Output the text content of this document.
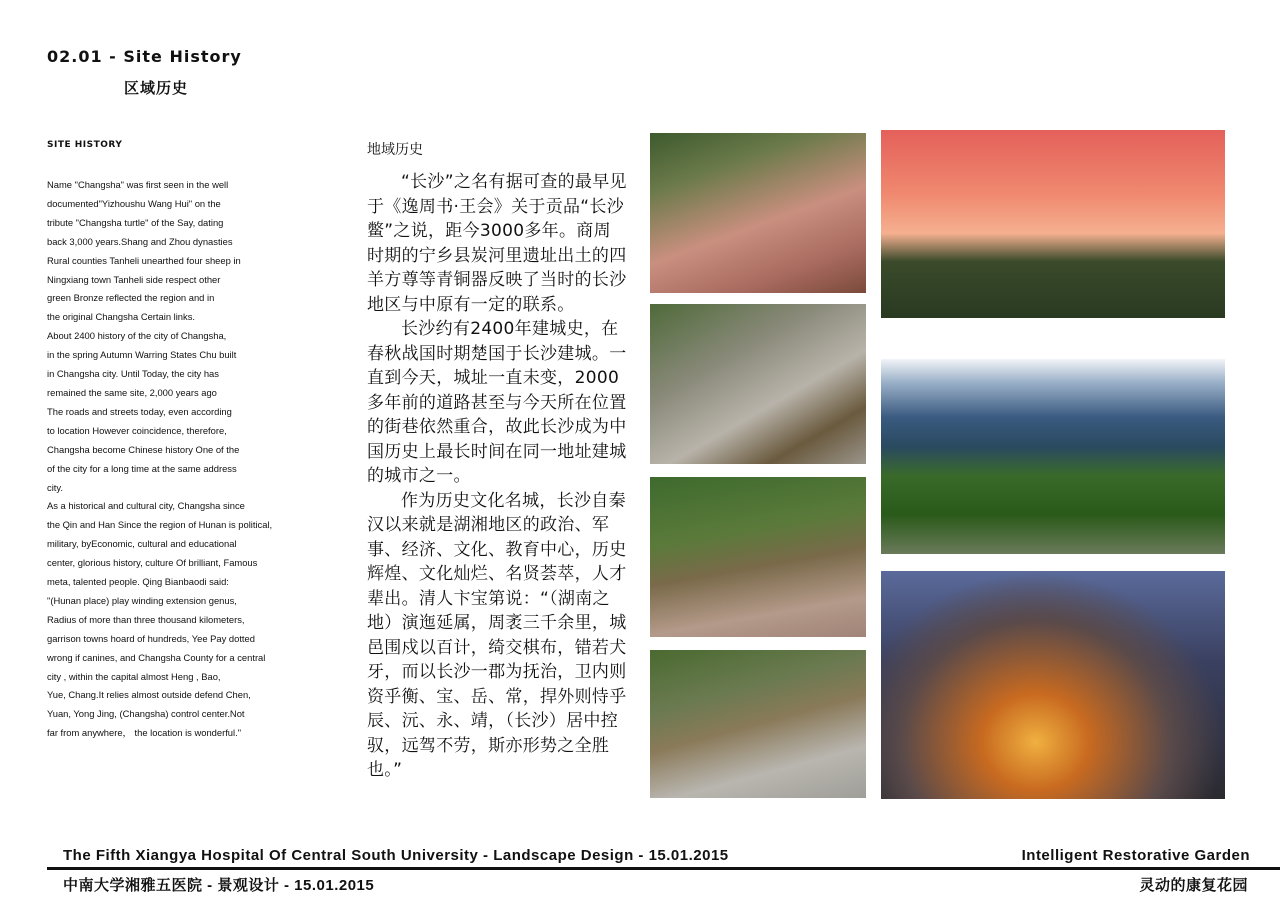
02.01 - Site History
区域历史
SITE HISTORY
Name "Changsha" was first seen in the well
documented"Yizhoushu Wang Hui" on the
tribute "Changsha turtle" of the Say, dating
back 3,000 years.Shang and Zhou dynasties
Rural counties Tanheli unearthed four sheep in
Ningxiang town Tanheli side respect other
green Bronze reflected the region and in
the original Changsha Certain links.
About 2400 history of the city of Changsha,
in the spring Autumn Warring States Chu built
in Changsha city. Until Today, the city has
remained the same site, 2,000 years ago
The roads and streets today, even according
to location However coincidence, therefore,
Changsha become Chinese history One of the
of the city for a long time at the same address
city.
As a historical and cultural city, Changsha since
the Qin and Han Since the region of Hunan is political,
military, byEconomic, cultural and educational
center, glorious history, culture Of brilliant, Famous
meta, talented people. Qing Bianbaodi said:
"(Hunan place) play winding extension genus,
Radius of more than three thousand kilometers,
garrison towns hoard of hundreds, Yee Pay dotted
wrong if canines, and Changsha County for a central
city , within the capital almost Heng , Bao,
Yue, Chang.It relies almost outside defend Chen,
Yuan, Yong Jing, (Changsha) control center.Not
far from anywhere， the location is wonderful."
地域历史

“长沙”之名有据可查的最早见于《逸周书·王会》关于贡品“长沙鳖”之说，距今3000多年。商周时期的宁乡县炭河里遗址出土的四羊方尊等青铜器反映了当时的长沙地区与中原有一定的联系。

长沙约有2400年建城史，在春秋战国时期楚国于长沙建城。一直到今天，城址一直未变，2000多年前的道路甚至与今天所在位置的街巷依然重合，故此长沙成为中国历史上最长时间在同一地址建城的城市之一。

作为历史文化名城，长沙自秦汉以来就是湖湘地区的政治、军事、经济、文化、教育中心，历史辉煌、文化灿烂、名贤荟萃，人才辈出。清人卞宝第说：“（湖南之地）演迤延属，周袤三千余里，城邑围戍以百计，绮交棋布，错若犬牙，而以长沙一郡为抚治，卫内则资乎衡、宝、岳、常，捍外则恃乎辰、沅、永、靖，（长沙）居中控驭，远驾不劳，斯亦形势之全胜也。”

The Fifth Xiangya Hospital Of Central South University - Landscape Design - 15.01.2015	Intelligent Restorative Garden
中南大学湘雅五医院 - 景观设计 - 15.01.2015	灵动的康复花园
